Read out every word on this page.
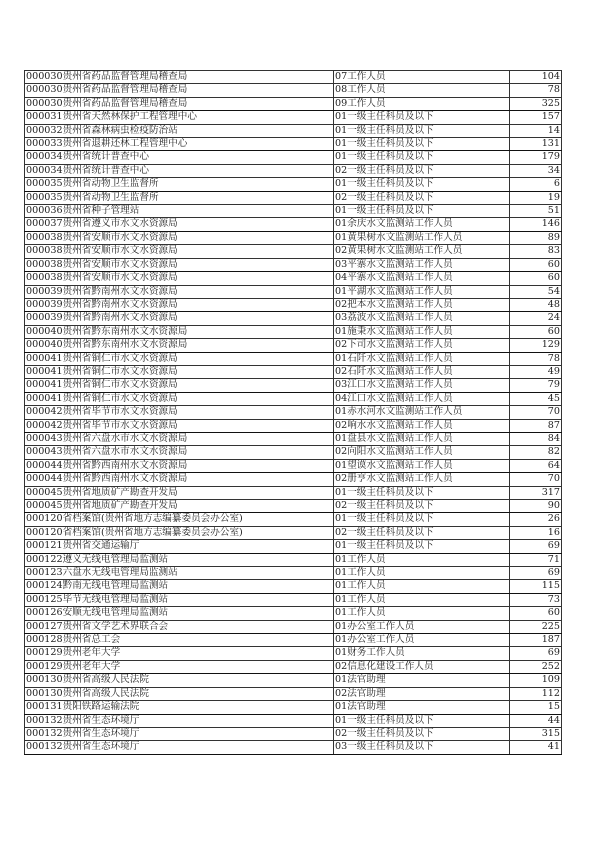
000030贵州省药品监督管理局稽查局	07工作人员	104
000030贵州省药品监督管理局稽查局	08工作人员	78
000030贵州省药品监督管理局稽查局	09工作人员	325
000031贵州省天然林保护工程管理中心	01一级主任科员及以下	157
000032贵州省森林病虫检疫防治站	01一级主任科员及以下	14
000033贵州省退耕还林工程管理中心	01一级主任科员及以下	131
000034贵州省统计普查中心	01一级主任科员及以下	179
000034贵州省统计普查中心	02一级主任科员及以下	34
000035贵州省动物卫生监督所	01一级主任科员及以下	6
000035贵州省动物卫生监督所	02一级主任科员及以下	19
000036贵州省种子管理站	01一级主任科员及以下	51
000037贵州省遵义市水文水资源局	01余庆水文监测站工作人员	146
000038贵州省安顺市水文水资源局	01黄果树水文监测站工作人员	89
000038贵州省安顺市水文水资源局	02黄果树水文监测站工作人员	83
000038贵州省安顺市水文水资源局	03平寨水文监测站工作人员	60
000038贵州省安顺市水文水资源局	04平寨水文监测站工作人员	60
000039贵州省黔南州水文水资源局	01平湖水文监测站工作人员	54
000039贵州省黔南州水文水资源局	02把本水文监测站工作人员	48
000039贵州省黔南州水文水资源局	03荔波水文监测站工作人员	24
000040贵州省黔东南州水文水资源局	01施秉水文监测站工作人员	60
000040贵州省黔东南州水文水资源局	02下司水文监测站工作人员	129
000041贵州省铜仁市水文水资源局	01石阡水文监测站工作人员	78
000041贵州省铜仁市水文水资源局	02石阡水文监测站工作人员	49
000041贵州省铜仁市水文水资源局	03江口水文监测站工作人员	79
000041贵州省铜仁市水文水资源局	04江口水文监测站工作人员	45
000042贵州省毕节市水文水资源局	01赤水河水文监测站工作人员	70
000042贵州省毕节市水文水资源局	02响水水文监测站工作人员	87
000043贵州省六盘水市水文水资源局	01盘县水文监测站工作人员	84
000043贵州省六盘水市水文水资源局	02向阳水文监测站工作人员	82
000044贵州省黔西南州水文水资源局	01望谟水文监测站工作人员	64
000044贵州省黔西南州水文水资源局	02册亨水文监测站工作人员	70
000045贵州省地质矿产勘查开发局	01一级主任科员及以下	317
000045贵州省地质矿产勘查开发局	02一级主任科员及以下	90
000120省档案馆(贵州省地方志编纂委员会办公室)	01一级主任科员及以下	26
000120省档案馆(贵州省地方志编纂委员会办公室)	02一级主任科员及以下	16
000121贵州省交通运输厅	01一级主任科员及以下	69
000122遵义无线电管理局监测站	01工作人员	71
000123六盘水无线电管理局监测站	01工作人员	69
000124黔南无线电管理局监测站	01工作人员	115
000125毕节无线电管理局监测站	01工作人员	73
000126安顺无线电管理局监测站	01工作人员	60
000127贵州省文学艺术界联合会	01办公室工作人员	225
000128贵州省总工会	01办公室工作人员	187
000129贵州老年大学	01财务工作人员	69
000129贵州老年大学	02信息化建设工作人员	252
000130贵州省高级人民法院	01法官助理	109
000130贵州省高级人民法院	02法官助理	112
000131贵阳铁路运输法院	01法官助理	15
000132贵州省生态环境厅	01一级主任科员及以下	44
000132贵州省生态环境厅	02一级主任科员及以下	315
000132贵州省生态环境厅	03一级主任科员及以下	41
